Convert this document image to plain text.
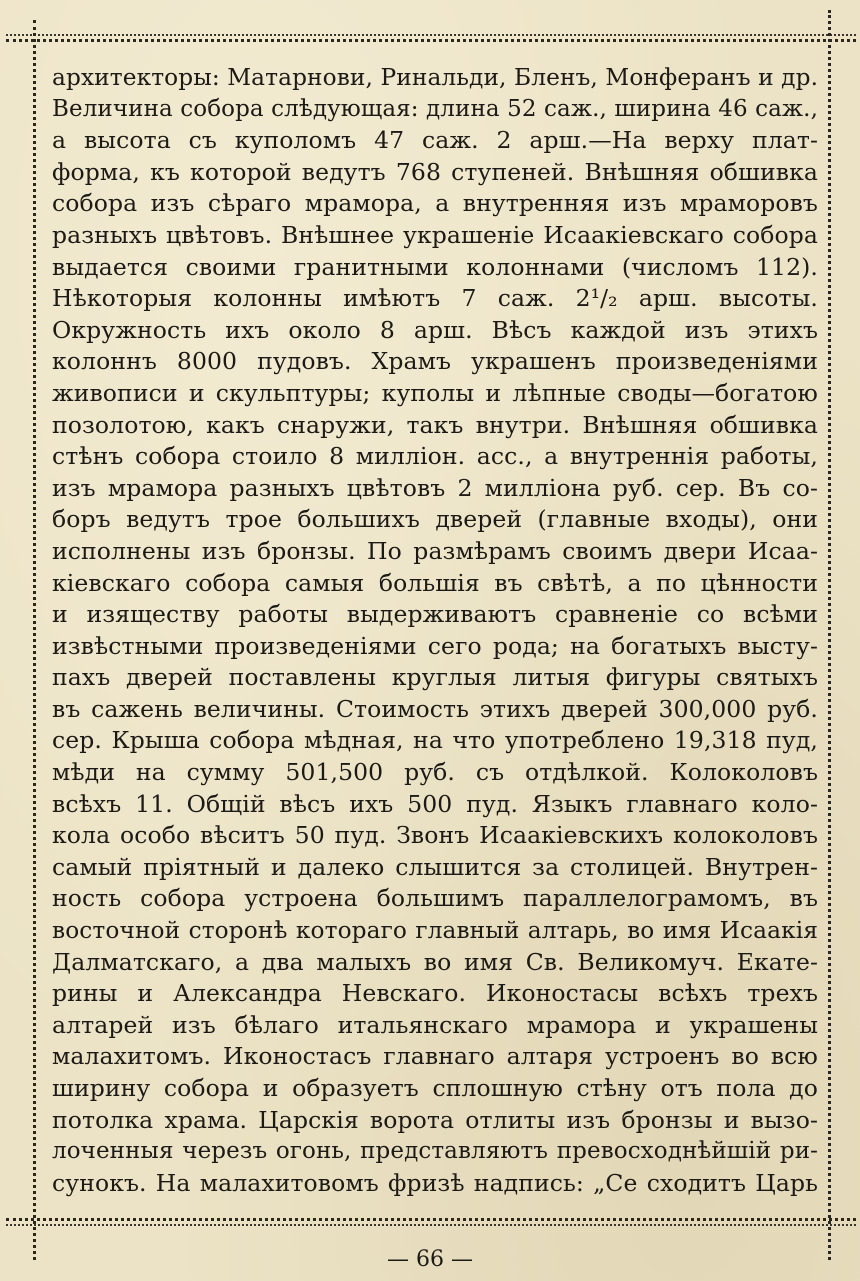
архитекторы: Матарнови, Ринальди, Бленъ, Монферанъ и др.
Величина собора слѣдующая: длина 52 саж., ширина 46 саж.,
а высота съ куполомъ 47 саж. 2 арш.—На верху плат-
форма, къ которой ведутъ 768 ступеней. Внѣшняя обшивка
собора изъ сѣраго мрамора, а внутренняя изъ мраморовъ
разныхъ цвѣтовъ. Внѣшнее украшеніе Исаакіевскаго собора
выдается своими гранитными колоннами (числомъ 112).
Нѣкоторыя колонны имѣютъ 7 саж. 2¹/₂ арш. высоты.
Окружность ихъ около 8 арш. Вѣсъ каждой изъ этихъ
колоннъ 8000 пудовъ. Храмъ украшенъ произведеніями
живописи и скульптуры; куполы и лѣпные своды—богатою
позолотою, какъ снаружи, такъ внутри. Внѣшняя обшивка
стѣнъ собора стоило 8 милліон. асс., а внутреннія работы,
изъ мрамора разныхъ цвѣтовъ 2 милліона руб. сер. Въ со-
боръ ведутъ трое большихъ дверей (главные входы), они
исполнены изъ бронзы. По размѣрамъ своимъ двери Исаа-
кіевскаго собора самыя большія въ свѣтѣ, а по цѣнности
и изяществу работы выдерживаютъ сравненіе со всѣми
извѣстными произведеніями сего рода; на богатыхъ высту-
пахъ дверей поставлены круглыя литыя фигуры святыхъ
въ сажень величины. Стоимость этихъ дверей 300,000 руб.
сер. Крыша собора мѣдная, на что употреблено 19,318 пуд,
мѣди на сумму 501,500 руб. съ отдѣлкой. Колоколовъ
всѣхъ 11. Общій вѣсъ ихъ 500 пуд. Языкъ главнаго коло-
кола особо вѣситъ 50 пуд. Звонъ Исаакіевскихъ колоколовъ
самый пріятный и далеко слышится за столицей. Внутрен-
ность собора устроена большимъ параллелограмомъ, въ
восточной сторонѣ котораго главный алтарь, во имя Исаакія
Далматскаго, а два малыхъ во имя Св. Великомуч. Екате-
рины и Александра Невскаго. Иконостасы всѣхъ трехъ
алтарей изъ бѣлаго итальянскаго мрамора и украшены
малахитомъ. Иконостасъ главнаго алтаря устроенъ во всю
ширину собора и образуетъ сплошную стѣну отъ пола до
потолка храма. Царскія ворота отлиты изъ бронзы и вызо-
лоченныя черезъ огонь, представляютъ превосходнѣйшій ри-
сунокъ. На малахитовомъ фризѣ надпись: „Се сходитъ Царь
— 66 —
